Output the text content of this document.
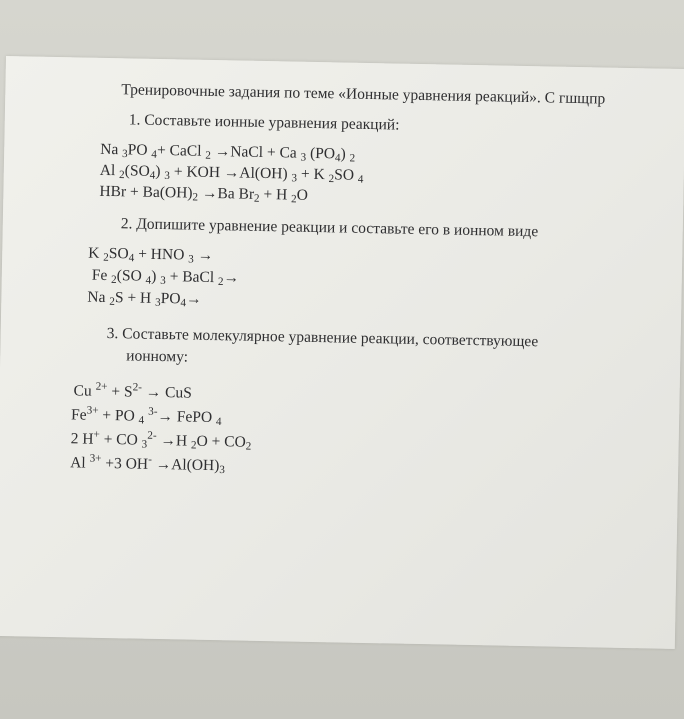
Тренировочные задания по теме «Ионные уравнения реакций». С гшщпр
1. Составьте ионные уравнения реакций:
Na $_3$PO $_4$+ CaCl $_2$ →NaCl + Ca $_3$ $(PO_4)$ $_2$
Al $_2(SO_4) _3$ + KOH →Al(OH) $_3$ + K $_2$SO $_4$
HBr + $Ba(OH)_2 \to Ba$ $Br_2 + H$ $_2$O
2. Допишите уравнение реакции и составьте его в ионном виде
K $_2SO_4$ + HNO $_3$ →
Fe $_2$(SO $_4$) $_3$ + BaCl $_2$→
Na $_2$S + H $_3PO_4\to$
3. Составьте молекулярное уравнение реакции, соответствующее
ионному:
Cu $^{2+} + S^{2-}$ → CuS
$Fe^{3+}$ + PO $_4$ $^{3-}$→ FePO $_4$
2 H+ + CO $_3^{2-}$ →H $_2O + CO_2$
Al $^{3+}$ +3 $OH^- \to Al(OH)_3$
